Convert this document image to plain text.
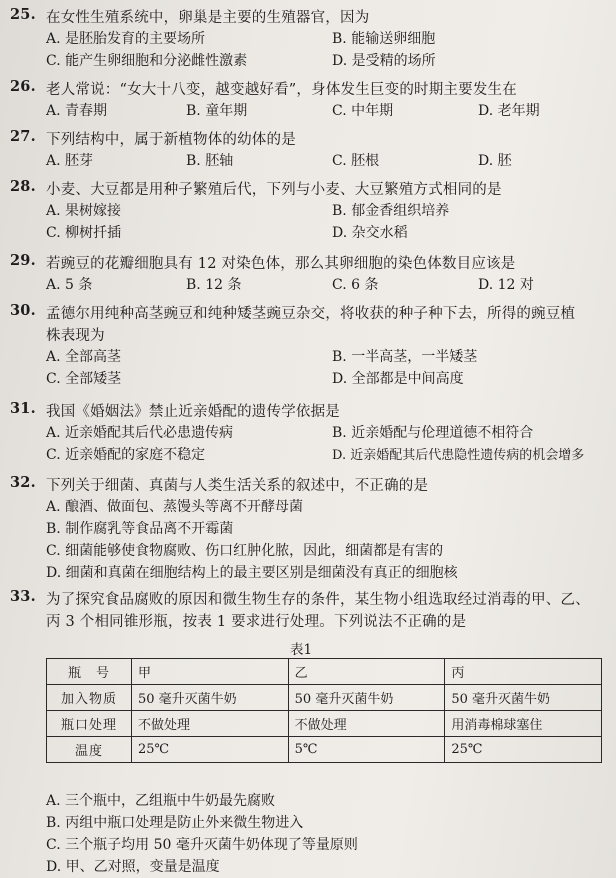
25. 在女性生殖系统中，卵巢是主要的生殖器官，因为
A. 是胚胎发育的主要场所	B. 能输送卵细胞
C. 能产生卵细胞和分泌雌性激素	D. 是受精的场所
26. 老人常说：“女大十八变，越变越好看”，身体发生巨变的时期主要发生在
A. 青春期	B. 童年期	C. 中年期	D. 老年期
27. 下列结构中，属于新植物体的幼体的是
A. 胚芽	B. 胚轴	C. 胚根	D. 胚
28. 小麦、大豆都是用种子繁殖后代，下列与小麦、大豆繁殖方式相同的是
A. 果树嫁接	B. 郁金香组织培养
C. 柳树扦插	D. 杂交水稻
29. 若豌豆的花瓣细胞具有 12 对染色体，那么其卵细胞的染色体数目应该是
A. 5 条	B. 12 条	C. 6 条	D. 12 对
30. 孟德尔用纯种高茎豌豆和纯种矮茎豌豆杂交，将收获的种子种下去，所得的豌豆植
株表现为
A. 全部高茎	B. 一半高茎，一半矮茎
C. 全部矮茎	D. 全部都是中间高度
31. 我国《婚姻法》禁止近亲婚配的遗传学依据是
A. 近亲婚配其后代必患遗传病	B. 近亲婚配与伦理道德不相符合
C. 近亲婚配的家庭不稳定	D. 近亲婚配其后代患隐性遗传病的机会增多
32. 下列关于细菌、真菌与人类生活关系的叙述中，不正确的是
A. 酿酒、做面包、蒸馒头等离不开酵母菌
B. 制作腐乳等食品离不开霉菌
C. 细菌能够使食物腐败、伤口红肿化脓，因此，细菌都是有害的
D. 细菌和真菌在细胞结构上的最主要区别是细菌没有真正的细胞核
33. 为了探究食品腐败的原因和微生物生存的条件，某生物小组选取经过消毒的甲、乙、
丙 3 个相同锥形瓶，按表 1 要求进行处理。下列说法不正确的是
表1
瓶　号	甲	乙	丙
加入物质	50 毫升灭菌牛奶	50 毫升灭菌牛奶	50 毫升灭菌牛奶
瓶口处理	不做处理	不做处理	用消毒棉球塞住
温度	25℃	5℃	25℃
A. 三个瓶中，乙组瓶中牛奶最先腐败
B. 丙组中瓶口处理是防止外来微生物进入
C. 三个瓶子均用 50 毫升灭菌牛奶体现了等量原则
D. 甲、乙对照，变量是温度
